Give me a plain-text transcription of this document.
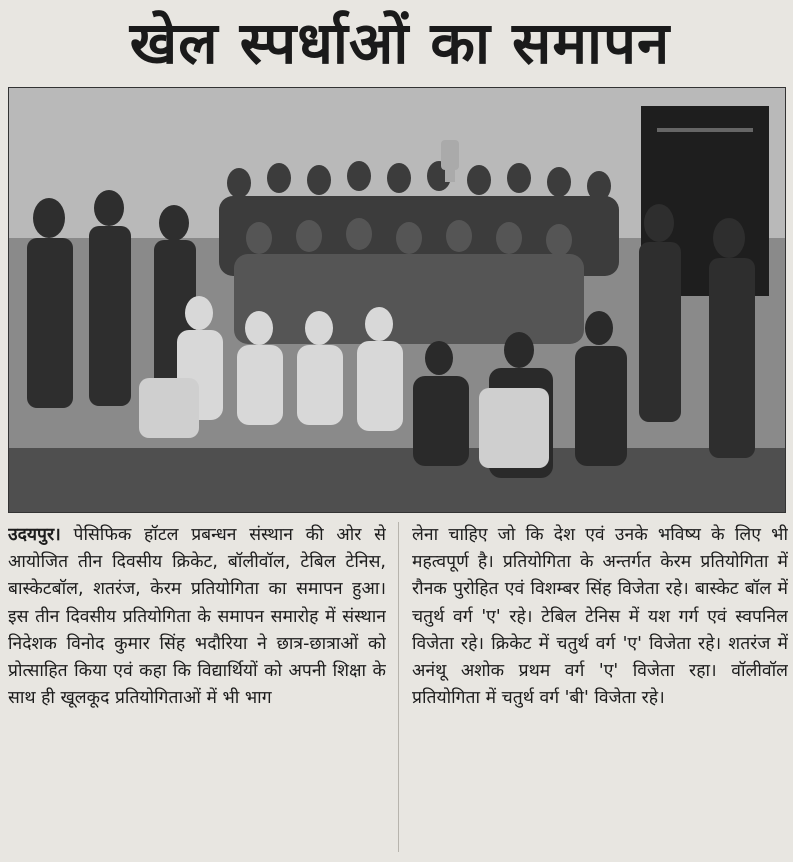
खेल स्पर्धाओं का समापन

उदयपुर। पेसिफिक हॉटल प्रबन्धन संस्थान की ओर से आयोजित तीन दिवसीय क्रिकेट, बॉलीवॉल, टेबिल टेनिस, बास्केटबॉल, शतरंज, केरम प्रतियोगिता का समापन हुआ। इस तीन दिवसीय प्रतियोगिता के समापन समारोह में संस्थान निदेशक विनोद कुमार सिंह भदौरिया ने छात्र-छात्राओं को प्रोत्साहित किया एवं कहा कि विद्यार्थियों को अपनी शिक्षा के साथ ही खूलकूद प्रतियोगिताओं में भी भाग

लेना चाहिए जो कि देश एवं उनके भविष्य के लिए भी महत्वपूर्ण है। प्रतियोगिता के अन्तर्गत केरम प्रतियोगिता में रौनक पुरोहित एवं विशम्बर सिंह विजेता रहे। बास्केट बॉल में चतुर्थ वर्ग 'ए' रहे। टेबिल टेनिस में यश गर्ग एवं स्वपनिल विजेता रहे। क्रिकेट में चतुर्थ वर्ग 'ए' विजेता रहे। शतरंज में अनंथू अशोक प्रथम वर्ग 'ए' विजेता रहा। वॉलीवॉल प्रतियोगिता में चतुर्थ वर्ग 'बी' विजेता रहे।
